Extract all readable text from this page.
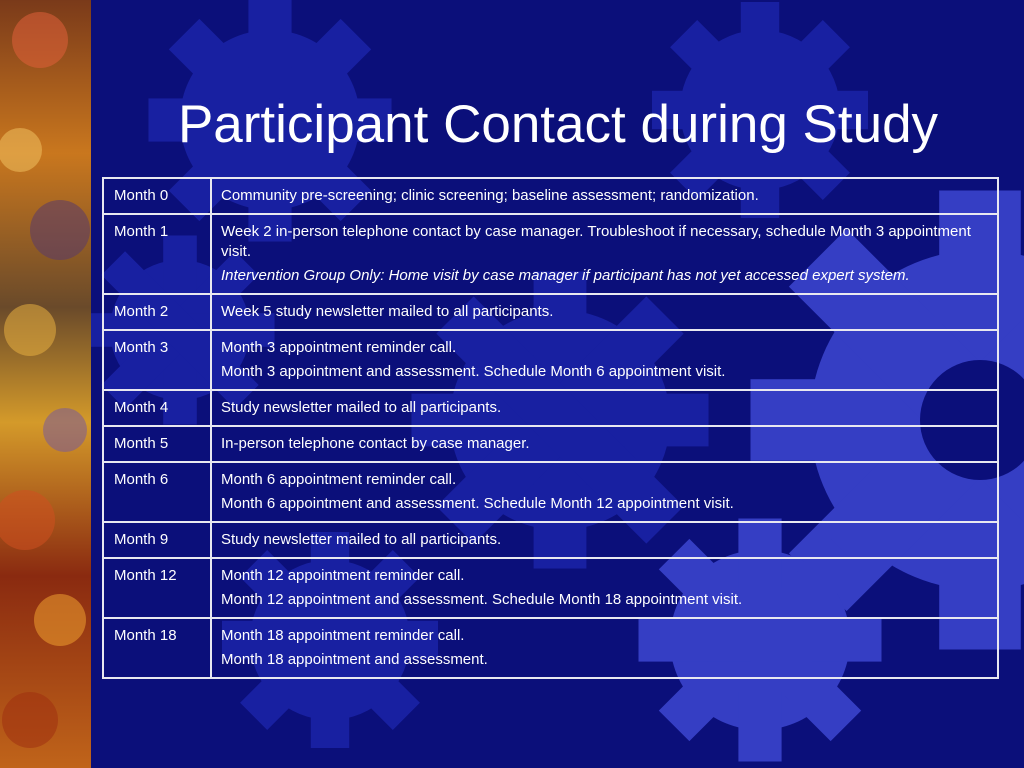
Participant Contact during Study
Month 0	Community pre-screening; clinic screening; baseline assessment; randomization.

Month 1	Week 2 in-person telephone contact by case manager. Troubleshoot if necessary, schedule Month 3 appointment visit.
Intervention Group Only: Home visit by case manager if participant has not yet accessed expert system.

Month 2	Week 5 study newsletter mailed to all participants.

Month 3	Month 3 appointment reminder call.
Month 3 appointment and assessment. Schedule Month 6 appointment visit.

Month 4	Study newsletter mailed to all participants.

Month 5	In-person telephone contact by case manager.

Month 6	Month 6 appointment reminder call.
Month 6 appointment and assessment. Schedule Month 12 appointment visit.

Month 9	Study newsletter mailed to all participants.

Month 12	Month 12 appointment reminder call.
Month 12 appointment and assessment. Schedule Month 18 appointment visit.

Month 18	Month 18 appointment reminder call.
Month 18 appointment and assessment.
